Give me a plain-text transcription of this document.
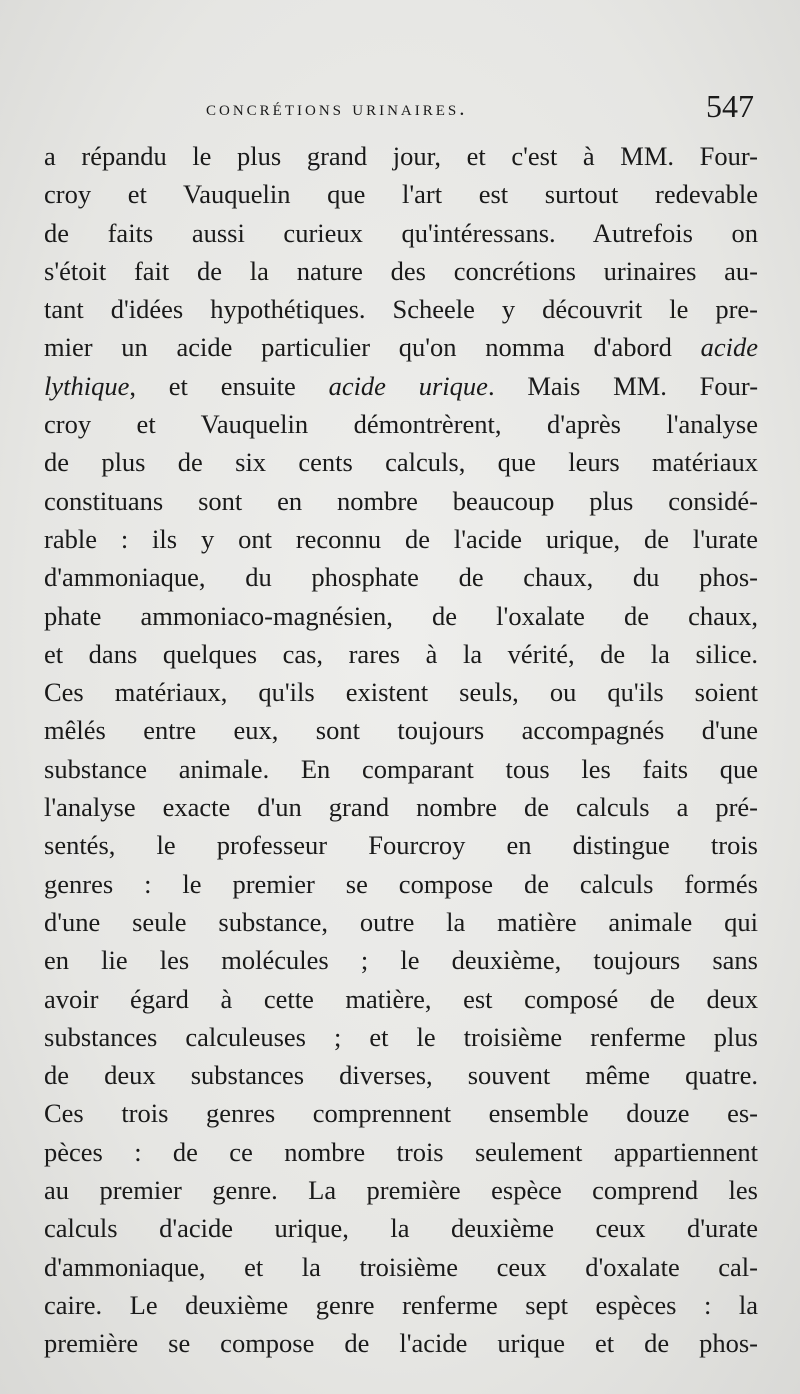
concrétions urinaires.	547
a répandu le plus grand jour, et c'est à MM. Four-
croy et Vauquelin que l'art est surtout redevable
de faits aussi curieux qu'intéressans. Autrefois on
s'étoit fait de la nature des concrétions urinaires au-
tant d'idées hypothétiques. Scheele y découvrit le pre-
mier un acide particulier qu'on nomma d'abord acide
lythique, et ensuite acide urique. Mais MM. Four-
croy et Vauquelin démontrèrent, d'après l'analyse
de plus de six cents calculs, que leurs matériaux
constituans sont en nombre beaucoup plus considé-
rable : ils y ont reconnu de l'acide urique, de l'urate
d'ammoniaque, du phosphate de chaux, du phos-
phate ammoniaco-magnésien, de l'oxalate de chaux,
et dans quelques cas, rares à la vérité, de la silice.
Ces matériaux, qu'ils existent seuls, ou qu'ils soient
mêlés entre eux, sont toujours accompagnés d'une
substance animale. En comparant tous les faits que
l'analyse exacte d'un grand nombre de calculs a pré-
sentés, le professeur Fourcroy en distingue trois
genres : le premier se compose de calculs formés
d'une seule substance, outre la matière animale qui
en lie les molécules ; le deuxième, toujours sans
avoir égard à cette matière, est composé de deux
substances calculeuses ; et le troisième renferme plus
de deux substances diverses, souvent même quatre.
Ces trois genres comprennent ensemble douze es-
pèces : de ce nombre trois seulement appartiennent
au premier genre. La première espèce comprend les
calculs d'acide urique, la deuxième ceux d'urate
d'ammoniaque, et la troisième ceux d'oxalate cal-
caire. Le deuxième genre renferme sept espèces : la
première se compose de l'acide urique et de phos-
